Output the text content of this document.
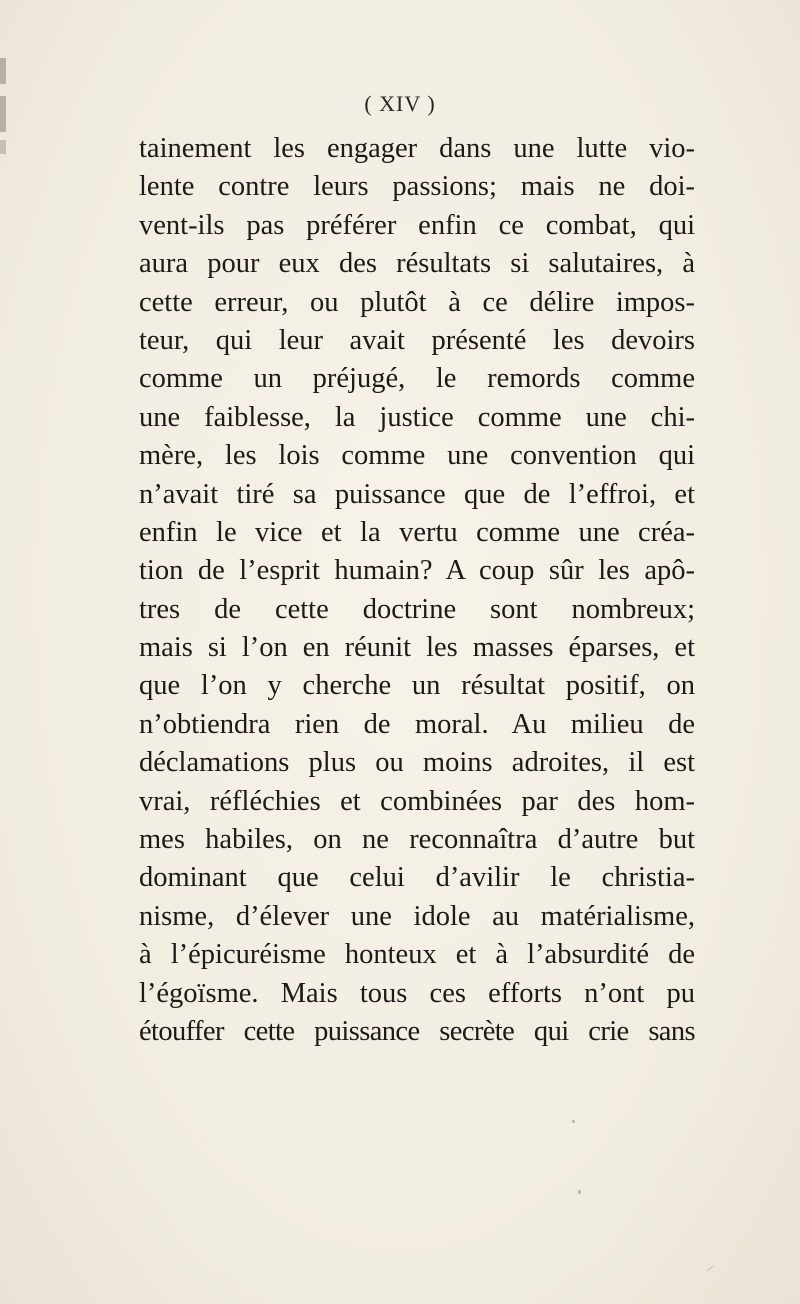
( XIV )
tainement les engager dans une lutte vio-
lente contre leurs passions; mais ne doi-
vent-ils pas préférer enfin ce combat, qui
aura pour eux des résultats si salutaires, à
cette erreur, ou plutôt à ce délire impos-
teur, qui leur avait présenté les devoirs
comme un préjugé, le remords comme
une faiblesse, la justice comme une chi-
mère, les lois comme une convention qui
n’avait tiré sa puissance que de l’effroi, et
enfin le vice et la vertu comme une créa-
tion de l’esprit humain? A coup sûr les apô-
tres de cette doctrine sont nombreux;
mais si l’on en réunit les masses éparses, et
que l’on y cherche un résultat positif, on
n’obtiendra rien de moral. Au milieu de
déclamations plus ou moins adroites, il est
vrai, réfléchies et combinées par des hom-
mes habiles, on ne reconnaîtra d’autre but
dominant que celui d’avilir le christia-
nisme, d’élever une idole au matérialisme,
à l’épicuréisme honteux et à l’absurdité de
l’égoïsme. Mais tous ces efforts n’ont pu
étouffer cette puissance secrète qui crie sans
